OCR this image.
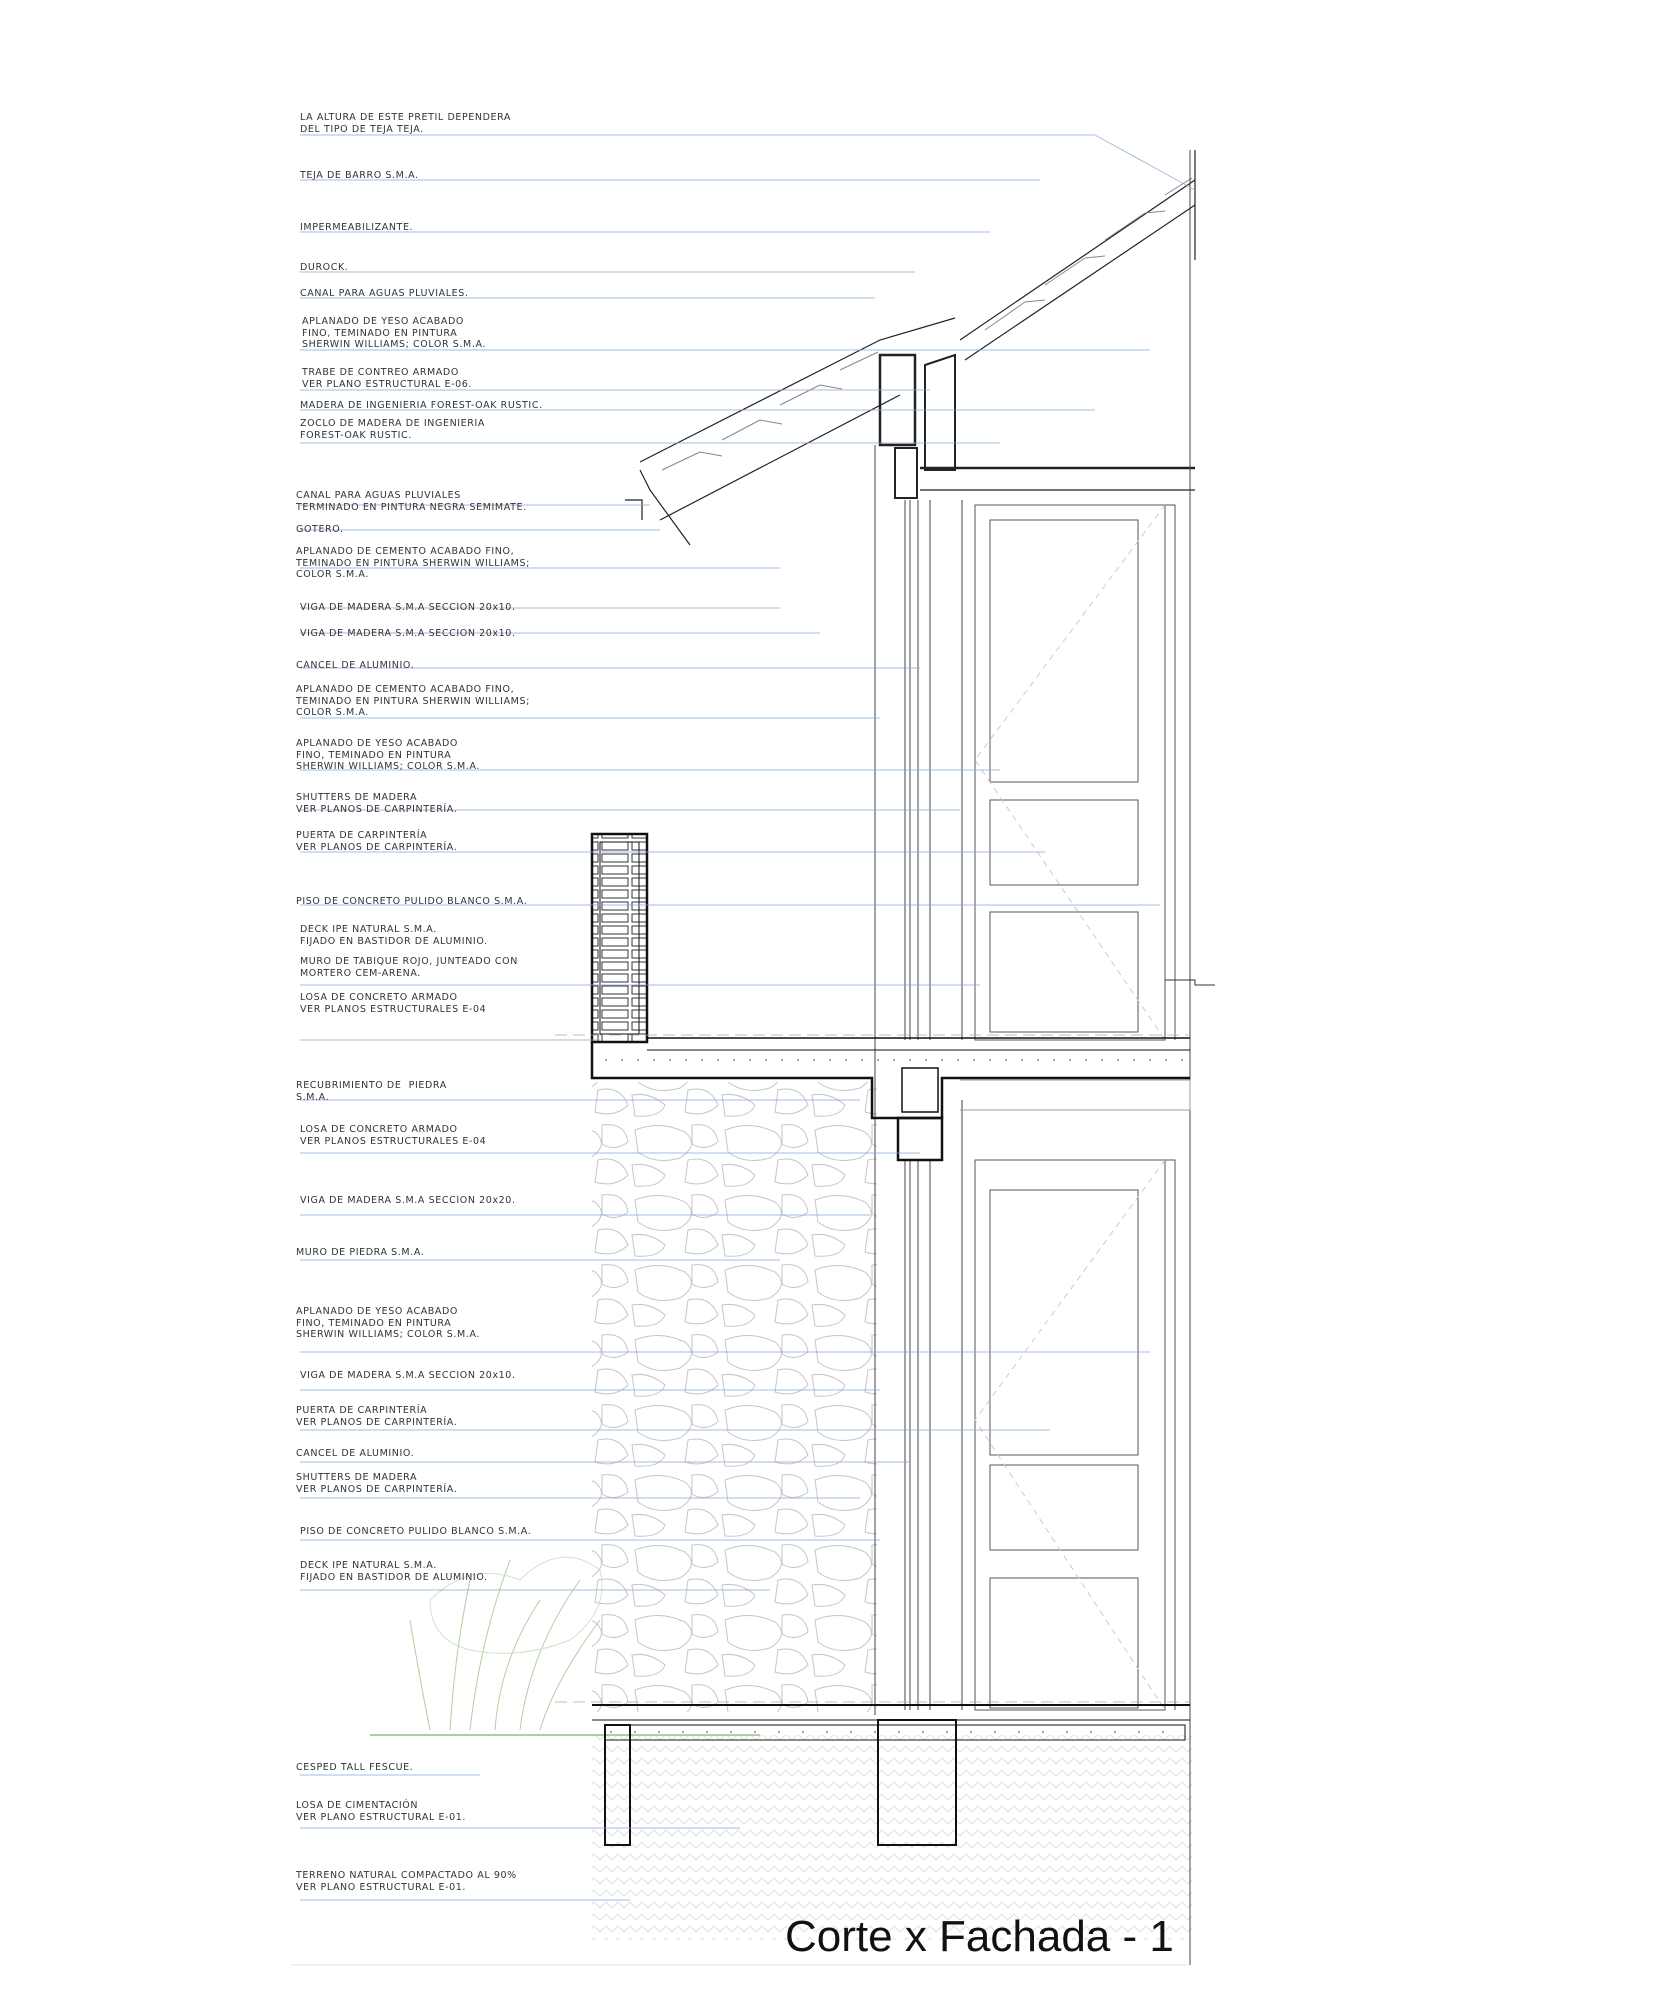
LA ALTURA DE ESTE PRETIL DEPENDERA
DEL TIPO DE TEJA TEJA.
TEJA DE BARRO S.M.A.
IMPERMEABILIZANTE.
DUROCK.
CANAL PARA AGUAS PLUVIALES.
APLANADO DE YESO ACABADO
FINO, TEMINADO EN PINTURA
SHERWIN WILLIAMS; COLOR S.M.A.
TRABE DE CONTREO ARMADO
VER PLANO ESTRUCTURAL E-06.
MADERA DE INGENIERIA FOREST-OAK RUSTIC.
ZOCLO DE MADERA DE INGENIERIA
FOREST-OAK RUSTIC.
CANAL PARA AGUAS PLUVIALES
TERMINADO EN PINTURA NEGRA SEMIMATE.
GOTERO.
APLANADO DE CEMENTO ACABADO FINO,
TEMINADO EN PINTURA SHERWIN WILLIAMS;
COLOR S.M.A.
VIGA DE MADERA S.M.A SECCION 20x10.
VIGA DE MADERA S.M.A SECCION 20x10.
CANCEL DE ALUMINIO.
APLANADO DE CEMENTO ACABADO FINO,
TEMINADO EN PINTURA SHERWIN WILLIAMS;
COLOR S.M.A.
APLANADO DE YESO ACABADO
FINO, TEMINADO EN PINTURA
SHERWIN WILLIAMS; COLOR S.M.A.
SHUTTERS DE MADERA
VER PLANOS DE CARPINTERÍA.
PUERTA DE CARPINTERÍA
VER PLANOS DE CARPINTERÍA.
PISO DE CONCRETO PULIDO BLANCO S.M.A.
DECK IPE NATURAL S.M.A.
FIJADO EN BASTIDOR DE ALUMINIO.
MURO DE TABIQUE ROJO, JUNTEADO CON
MORTERO CEM-ARENA.
LOSA DE CONCRETO ARMADO
VER PLANOS ESTRUCTURALES E-04
RECUBRIMIENTO DE  PIEDRA
S.M.A.
LOSA DE CONCRETO ARMADO
VER PLANOS ESTRUCTURALES E-04
VIGA DE MADERA S.M.A SECCION 20x20.
MURO DE PIEDRA S.M.A.
APLANADO DE YESO ACABADO
FINO, TEMINADO EN PINTURA
SHERWIN WILLIAMS; COLOR S.M.A.
VIGA DE MADERA S.M.A SECCION 20x10.
PUERTA DE CARPINTERÍA
VER PLANOS DE CARPINTERÍA.
CANCEL DE ALUMINIO.
SHUTTERS DE MADERA
VER PLANOS DE CARPINTERÍA.
PISO DE CONCRETO PULIDO BLANCO S.M.A.
DECK IPE NATURAL S.M.A.
FIJADO EN BASTIDOR DE ALUMINIO.
CESPED TALL FESCUE.
LOSA DE CIMENTACIÓN
VER PLANO ESTRUCTURAL E-01.
TERRENO NATURAL COMPACTADO AL 90%
VER PLANO ESTRUCTURAL E-01.
Corte x Fachada - 1
